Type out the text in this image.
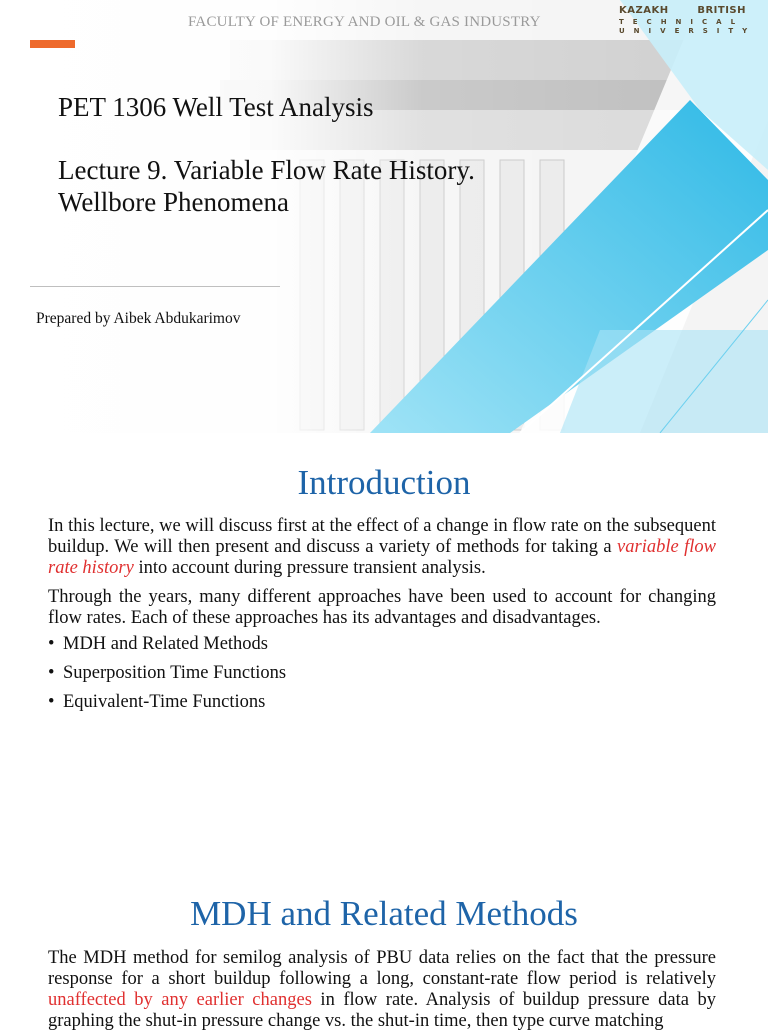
FACULTY OF ENERGY AND OIL & GAS INDUSTRY
KAZAKH	BRITISH
TECHNICAL
UNIVERSITY
PET 1306 Well Test Analysis
Lecture 9. Variable Flow Rate History.
Wellbore Phenomena
Prepared by Aibek Abdukarimov
Introduction
In this lecture, we will discuss first at the effect of a change in flow rate on the subsequent buildup. We will then present and discuss a variety of methods for taking a variable flow rate history into account during pressure transient analysis.
Through the years, many different approaches have been used to account for changing flow rates. Each of these approaches has its advantages and disadvantages.
• MDH and Related Methods
• Superposition Time Functions
• Equivalent-Time Functions
MDH and Related Methods
The MDH method for semilog analysis of PBU data relies on the fact that the pressure response for a short buildup following a long, constant-rate flow period is relatively unaffected by any earlier changes in flow rate. Analysis of buildup pressure data by graphing the shut-in pressure change vs. the shut-in time, then type curve matching
